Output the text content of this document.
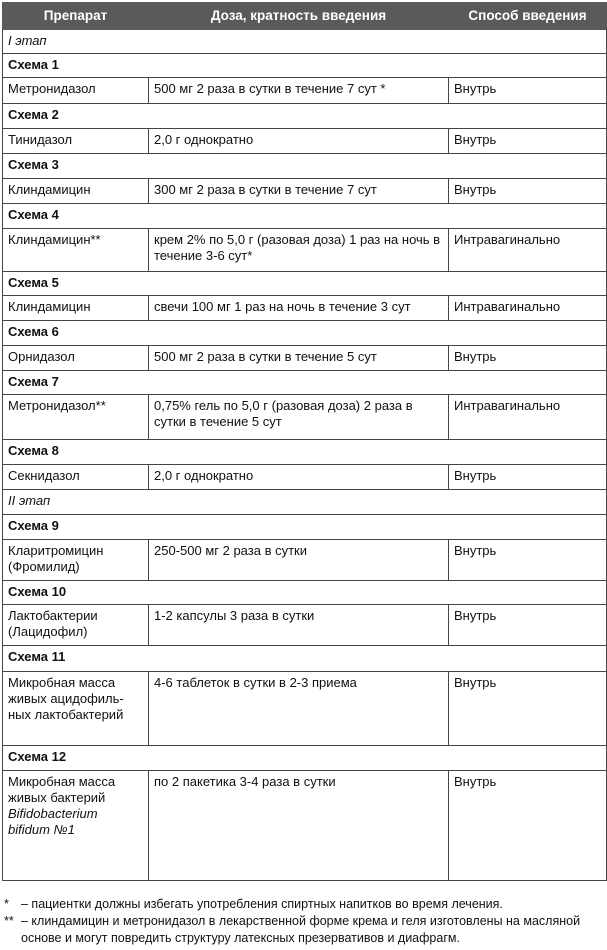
Препарат	Доза, кратность введения	Способ введения
I этап		
Схема 1		
Метронидазол	500 мг 2 раза в сутки в течение 7 сут *	Внутрь
Схема 2		
Тинидазол	2,0 г однократно	Внутрь
Схема 3		
Клиндамицин	300 мг 2 раза в сутки в течение 7 сут	Внутрь
Схема 4		
Клиндамицин**	крем 2% по 5,0 г (разовая доза) 1 раз на ночь в течение 3-6 сут*	Интравагинально
Схема 5		
Клиндамицин	свечи 100 мг 1 раз на ночь в течение 3 сут	Интравагинально
Схема 6		
Орнидазол	500 мг 2 раза в сутки в течение 5 сут	Внутрь
Схема 7		
Метронидазол**	0,75% гель по 5,0 г (разовая доза) 2 раза в сутки в течение 5 сут	Интравагинально
Схема 8		
Секнидазол	2,0 г однократно	Внутрь
II этап		
Схема 9		
Кларитромицин (Фромилид)	250-500 мг 2 раза в сутки	Внутрь
Схема 10		
Лактобактерии (Лацидофил)	1-2 капсулы 3 раза в сутки	Внутрь
Схема 11		
Микробная масса живых ацидофиль-ных лактобактерий	4-6 таблеток в сутки в 2-3 приема	Внутрь
Схема 12		
Микробная масса живых бактерий Bifidobacterium bifidum №1	по 2 пакетика 3-4 раза в сутки	Внутрь
* – пациентки должны избегать употребления спиртных напитков во время лечения.
** – клиндамицин и метронидазол в лекарственной форме крема и геля изготовлены на масляной основе и могут повредить структуру латексных презервативов и диафрагм.
